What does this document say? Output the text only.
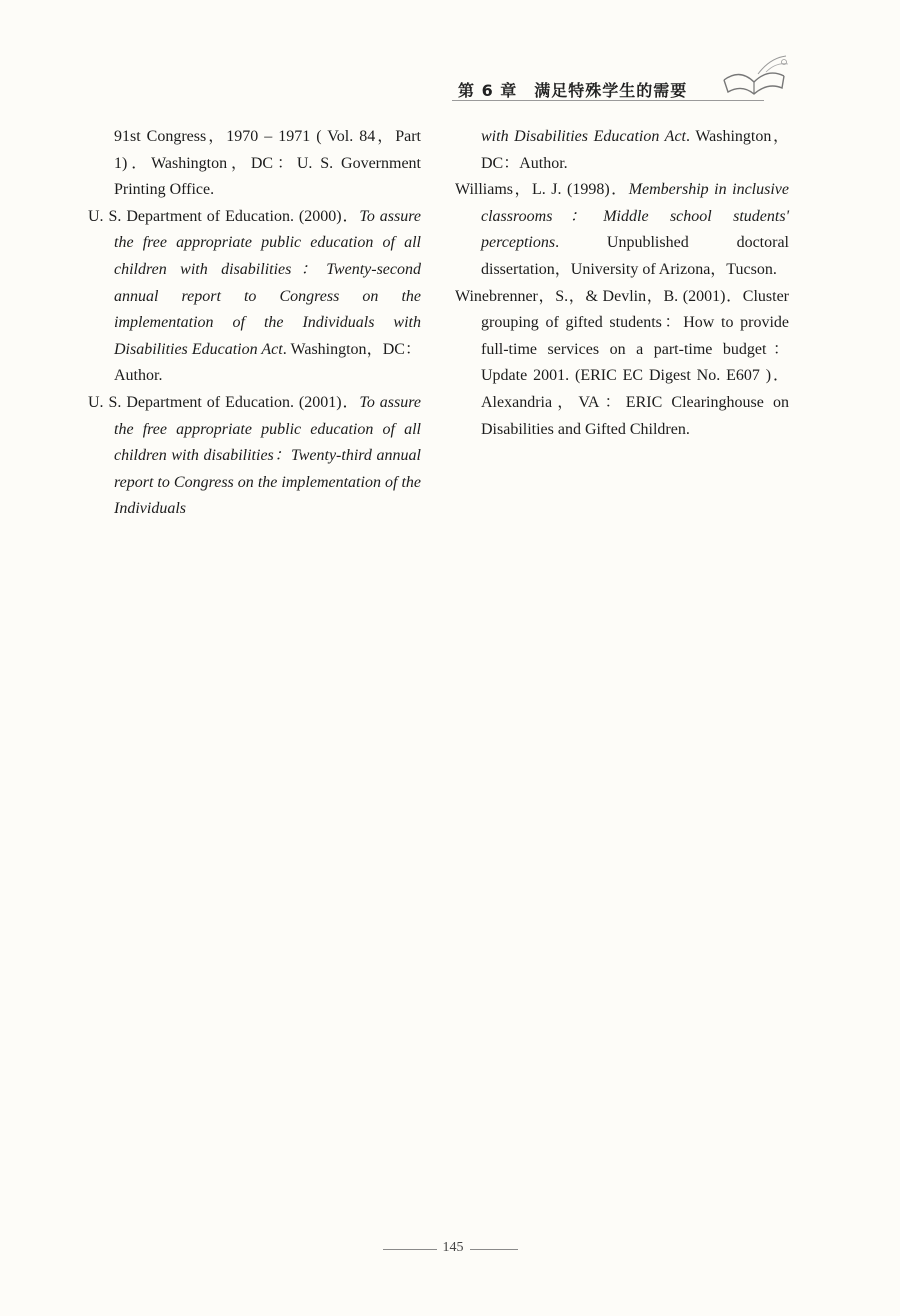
第 6 章　满足特殊学生的需要

91st Congress，1970 – 1971 ( Vol. 84，Part 1)．Washington，DC：U. S. Government Printing Office.

U. S. Department of Education. (2000)．To assure the free appropriate public education of all children with disabilities：Twenty-second annual report to Congress on the implementation of the Individuals with Disabilities Education Act. Washington，DC：Author.

U. S. Department of Education. (2001)．To assure the free appropriate public education of all children with disabilities：Twenty-third annual report to Congress on the implementation of the Individuals

with Disabilities Education Act. Washington，DC：Author.

Williams，L. J. (1998)．Membership in inclusive classrooms：Middle school students' perceptions. Unpublished doctoral dissertation，University of Arizona，Tucson.

Winebrenner，S.，& Devlin，B. (2001)．Cluster grouping of gifted students：How to provide full-time services on a part-time budget：Update 2001. (ERIC EC Digest No. E607 )．Alexandria，VA：ERIC Clearinghouse on Disabilities and Gifted Children.

145
